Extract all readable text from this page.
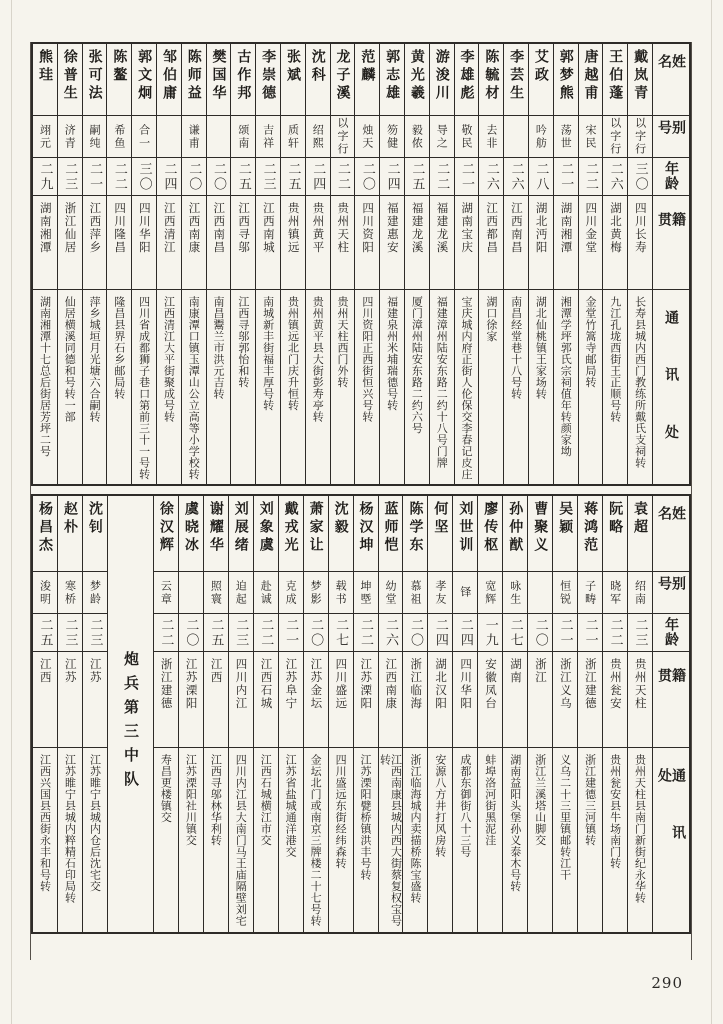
姓名
别号
年龄
籍贯
通讯处
戴岚青
以字行
三〇
四川长寿
长寿县城内西门教练所戴氏支祠转
王伯蓬
以字行
二六
湖北黄梅
九江孔垅西街王正顺号转
唐越甫
宋民
二二
四川金堂
金堂竹篙寺邮局转
郭梦熊
荡世
二一
湖南湘潭
湘潭学坪郭氏宗祠值年转颜家坳
艾政
吟舫
二八
湖北沔阳
湖北仙桃镇王家场转
李芸生
二六
江西南昌
南昌经堂巷十八号转
陈毓材
去非
二六
江西都昌
湖口徐家
李雄彪
敬民
二一
湖南宝庆
宝庆城内府正街人伦保交李春记皮庄
游浚川
导之
二二
福建龙溪
福建漳州陆安东路二约十八号门牌
黄光羲
毅侬
二五
福建龙溪
厦门漳州陆安东路二约六号
郭志雄
笏健
二四
福建惠安
福建泉州米埔瑞德号转
范麟
烛天
二〇
四川资阳
四川资阳正西街恒兴号转
龙子溪
以字行
二二
贵州天柱
贵州天柱西门外转
沈科
绍熙
二四
贵州黄平
贵州黄平县大街彭寿亭转
张斌
质轩
二五
贵州镇远
贵州镇远北门庆升恒转
李崇德
吉祥
二三
江西南城
南城新丰街福丰厚号转
古作邦
颂南
二五
江西寻邬
江西寻邬郭怡和转
樊国华
二〇
江西南昌
南昌鬻兰市洪元吉转
陈师益
谦甫
二〇
江西南康
南康潭口镇玉潭山公立高等小学校转
邹伯庸
二四
江西清江
江西清江大平街聚成号转
郭文炯
合一
三〇
四川华阳
四川省成都狮子巷口第前三十一号转
陈鳌
希鱼
二二
四川隆昌
隆昌县界石乡邮局转
张可法
嗣纯
二一
江西萍乡
萍乡城垣月光塘六合嗣转
徐普生
济青
二三
浙江仙居
仙居横溪同德和号转一部
熊珪
翊元
二九
湖南湘潭
湖南湘潭十七总后街居芳坪二号
姓名
别号
年龄
籍贯
通讯处
袁超
绍南
二三
贵州天柱
贵州天柱县南门新街纪永华转
阮略
晓军
二二
贵州瓮安
贵州瓮安县牛场南门转
蒋鸿范
子畴
二一
浙江建德
浙江建德三河镇转
吴颖
恒锐
二一
浙江义乌
义乌二十三里镇邮转江干
曹聚义
二〇
浙江
浙江兰溪塔山脚交
孙仲猷
咏生
二七
湖南
湖南益阳头堡孙义泰木号转
廖传枢
宽辉
一九
安徽凤台
蚌埠洛河街黑泥洼
刘世训
铎
二四
四川华阳
成都东御街八十三号
何坚
孝友
二四
湖北汉阳
安源八方井打风房转
陈学东
慕祖
二〇
浙江临海
浙江临海城内卖描桥陈宝盛转
蓝师恺
幼堂
二六
江西南康
江西南康县城内西大街蔡复权宝号转
杨汉坤
坤塈
二二
江苏溧阳
江苏溧阳甓桥镇洪丰号转
沈毅
载书
二七
四川盛远
四川盛远东街经纬森转
萧家让
梦影
二〇
江苏金坛
金坛北门或南京三牌楼二十七号转
戴戎光
克成
二一
江苏阜宁
江苏省盐城通洋港交
刘象虞
赴诚
二二
江西石城
江西石城横江市交
刘展绪
迫起
二三
四川内江
四川内江县大南门马王庙隔壁刘宅
谢耀华
照寰
二五
江西
江西寻邬林华利转
虞晓冰
二〇
江苏溧阳
江苏溧阳社川镇交
徐汉辉
云章
二二
浙江建德
寿昌更楼镇交
炮兵第三中队
沈钊
梦龄
二三
江苏
江苏睢宁县城内仓后沈宅交
赵朴
寒桥
二三
江苏
江苏睢宁县城内粹精石印局转
杨昌杰
浚明
二五
江西
江西兴国县西街永丰和号转
290
